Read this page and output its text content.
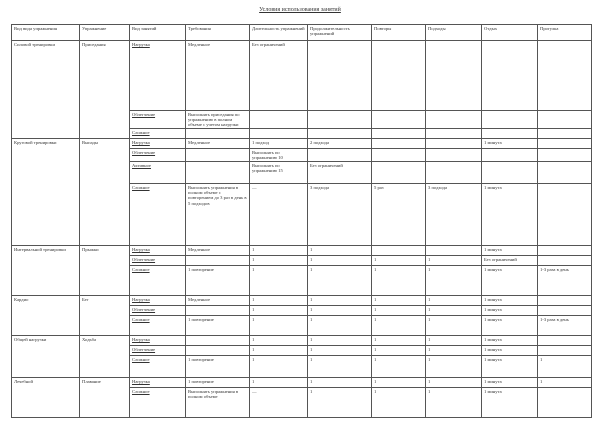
Условия использования занятий
Вид вида упражнения	Упражнение	Вид занятий	Требования	Длительность упражнений	Продолжительность упражнений	Повторы	Подходы	Отдых	Прогулка
Силовой тренировки	Приседания	Нагрузка	Медленное	Без ограничений					
		Облегчение	Выполнять приседания по упражнению в полном объеме с учетом нагрузки						
		Сложное							
Круговой тренировки	Выпады	Нагрузка	Медленное	1 подход	2 подхода			1 минута	
		Облегчение		Выполнять по упражнению 10					
		Активное		Выполнять по упражнению 15	Без ограничений				
		Сложное	Выполнять упражнения в полном объеме с повторением до 3 раз в день в 5 подходов	—	3 подхода	5 раз	3 подхода	1 минута	
Интервальной тренировки	Прыжки	Нагрузка	Медленное	1	1			1 минута	
		Облегчение		1	1	1	1	Без ограничений	
		Сложное	1 повторение	1	1	1	1	1 минута	1-3 раза в день
Кардио	Бег	Нагрузка	Медленное	1	1	1	1	1 минута	
		Облегчение		1	1	1	1	1 минута	
		Сложное	1 повторение	1	1	1	1	1 минута	1-3 раза в день
Общей нагрузки	Ходьба	Нагрузка		1	1	1	1	1 минута	
		Облегчение		1	1	1	1	1 минута	
		Сложное	1 повторение	1	1	1	1	1 минута	1
Лечебной	Плавание	Нагрузка	1 повторение	1	1	1	1	1 минута	1
		Сложное	Выполнять упражнения в полном объеме	—	1	1	1	1 минута	
